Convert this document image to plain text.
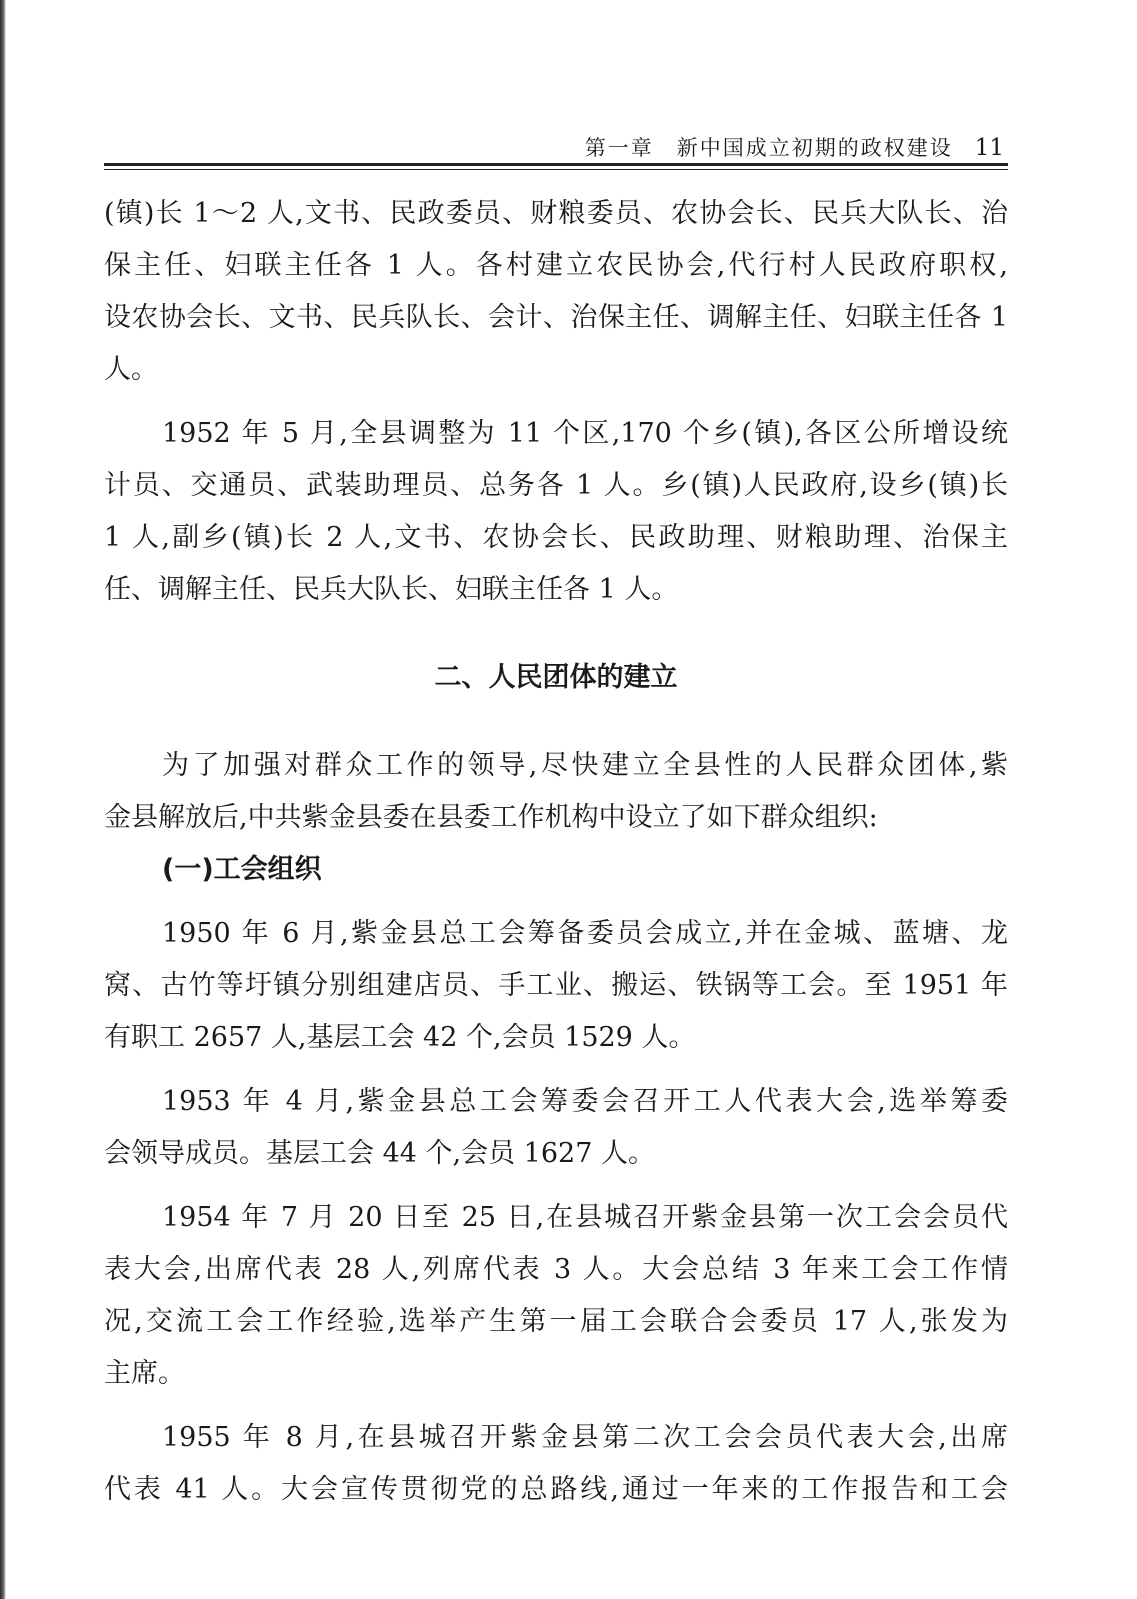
第一章　新中国成立初期的政权建设 11
(镇)长 1～2 人,文书、民政委员、财粮委员、农协会长、民兵大队长、治
保主任、妇联主任各 1 人。各村建立农民协会,代行村人民政府职权,
设农协会长、文书、民兵队长、会计、治保主任、调解主任、妇联主任各 1
人。
1952 年 5 月,全县调整为 11 个区,170 个乡(镇),各区公所增设统
计员、交通员、武装助理员、总务各 1 人。乡(镇)人民政府,设乡(镇)长
1 人,副乡(镇)长 2 人,文书、农协会长、民政助理、财粮助理、治保主
任、调解主任、民兵大队长、妇联主任各 1 人。
二、人民团体的建立
为了加强对群众工作的领导,尽快建立全县性的人民群众团体,紫
金县解放后,中共紫金县委在县委工作机构中设立了如下群众组织:
(一)工会组织
1950 年 6 月,紫金县总工会筹备委员会成立,并在金城、蓝塘、龙
窝、古竹等圩镇分别组建店员、手工业、搬运、铁锅等工会。至 1951 年
有职工 2657 人,基层工会 42 个,会员 1529 人。
1953 年 4 月,紫金县总工会筹委会召开工人代表大会,选举筹委
会领导成员。基层工会 44 个,会员 1627 人。
1954 年 7 月 20 日至 25 日,在县城召开紫金县第一次工会会员代
表大会,出席代表 28 人,列席代表 3 人。大会总结 3 年来工会工作情
况,交流工会工作经验,选举产生第一届工会联合会委员 17 人,张发为
主席。
1955 年 8 月,在县城召开紫金县第二次工会会员代表大会,出席
代表 41 人。大会宣传贯彻党的总路线,通过一年来的工作报告和工会
